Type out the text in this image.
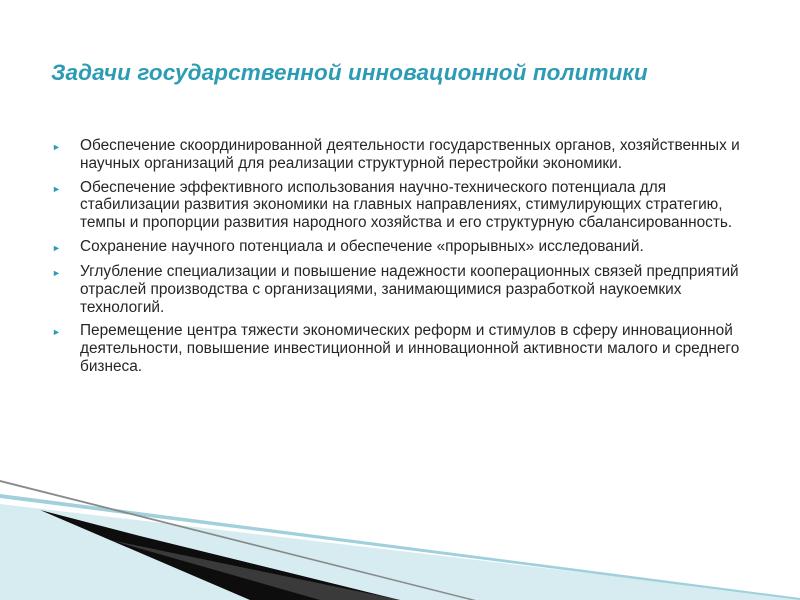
Задачи государственной инновационной политики
►	Обеспечение скоординированной деятельности государственных органов, хозяйственных и научных организаций для реализации структурной перестройки экономики.
►	Обеспечение эффективного использования научно-технического потенциала для стабилизации развития экономики на главных направлениях, стимулирующих стратегию, темпы и пропорции развития народного хозяйства и его структурную сбалансированность.
►	Сохранение научного потенциала и обеспечение «прорывных» исследований.
►	Углубление специализации и повышение надежности кооперационных связей предприятий отраслей производства с организациями, занимающимися разработкой наукоемких технологий.
►	Перемещение центра тяжести экономических реформ и стимулов в сферу инновационной деятельности, повышение инвестиционной и инновационной активности малого и среднего бизнеса.
